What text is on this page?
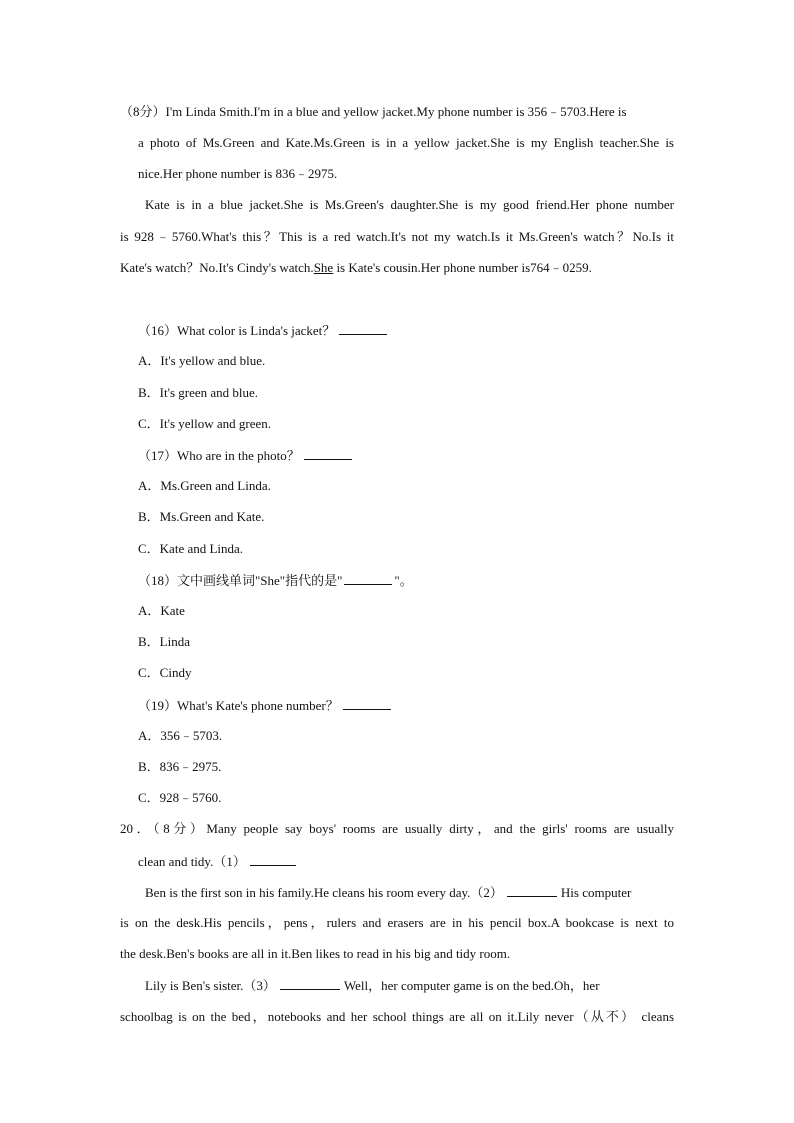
（8分）I'm Linda Smith.I'm in a blue and yellow jacket.My phone number is 356﹣5703.Here is
a photo of Ms.Green and Kate.Ms.Green is in a yellow jacket.She is my English teacher.She is
nice.Her phone number is 836﹣2975.
Kate is in a blue jacket.She is Ms.Green's daughter.She is my good friend.Her phone number
is 928﹣5760.What's this？This is a red watch.It's not my watch.Is it Ms.Green's watch？No.Is it
Kate's watch？No.It's Cindy's watch.She is Kate's cousin.Her phone number is764﹣0259.
（16）What color is Linda's jacket？
A．It's yellow and blue.
B．It's green and blue.
C．It's yellow and green.
（17）Who are in the photo？
A．Ms.Green and Linda.
B．Ms.Green and Kate.
C．Kate and Linda.
（18）文中画线单词"She"指代的是"	"。
A．Kate
B．Linda
C．Cindy
（19）What's Kate's phone number？
A．356﹣5703.
B．836﹣2975.
C．928﹣5760.
20．（8分）Many people say boys' rooms are usually dirty，and the girls' rooms are usually
clean and tidy.（1）
Ben is the first son in his family.He cleans his room every day.（2）	His computer
is on the desk.His pencils，pens，rulers and erasers are in his pencil box.A bookcase is next to
the desk.Ben's books are all in it.Ben likes to read in his big and tidy room.
Lily is Ben's sister.（3）	Well，her computer game is on the bed.Oh，her
schoolbag is on the bed，notebooks and her school things are all on it.Lily never（从不） cleans
